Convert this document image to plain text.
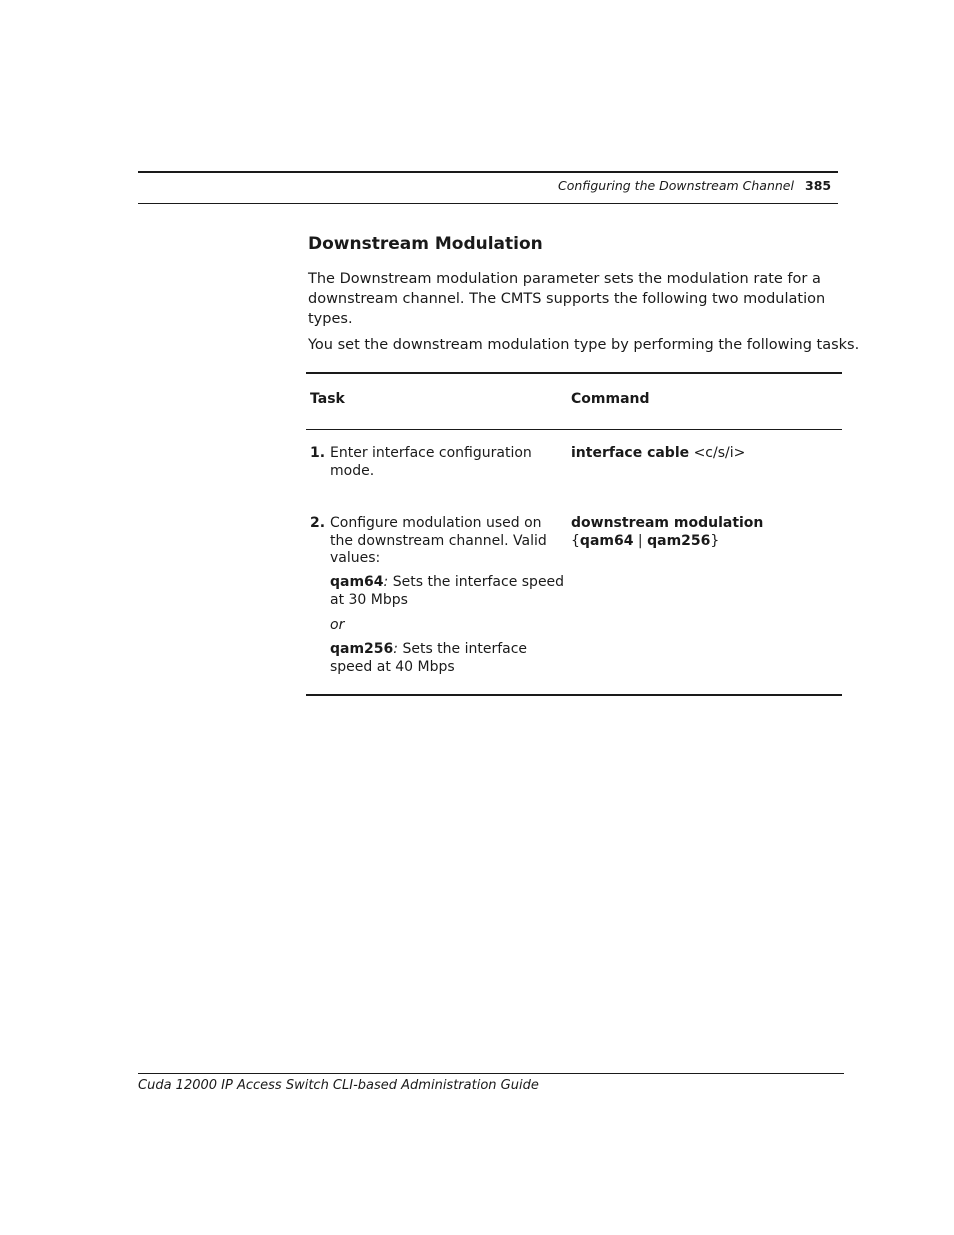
Configuring the Downstream Channel 385
Downstream Modulation
The Downstream modulation parameter sets the modulation rate for a
downstream channel. The CMTS supports the following two modulation
types.
You set the downstream modulation type by performing the following tasks.
Task	Command
1. Enter interface configuration
mode.
interface cable <c/s/i>
2. Configure modulation used on
the downstream channel. Valid
values:
qam64: Sets the interface speed
at 30 Mbps
or
qam256: Sets the interface
speed at 40 Mbps
downstream modulation
{qam64 | qam256}
Cuda 12000 IP Access Switch CLI-based Administration Guide
